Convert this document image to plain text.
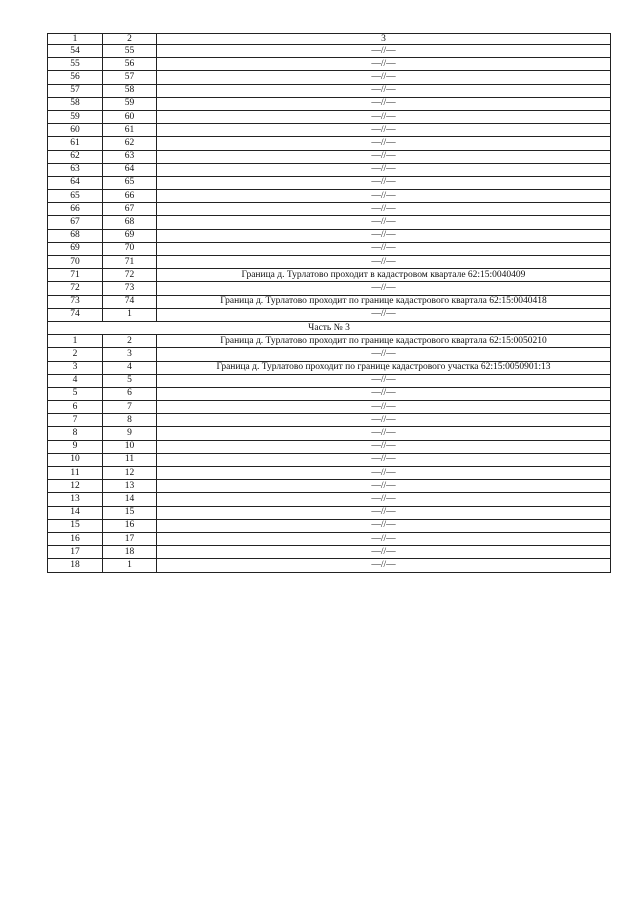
1	2	3
54	55	—//—
55	56	—//—
56	57	—//—
57	58	—//—
58	59	—//—
59	60	—//—
60	61	—//—
61	62	—//—
62	63	—//—
63	64	—//—
64	65	—//—
65	66	—//—
66	67	—//—
67	68	—//—
68	69	—//—
69	70	—//—
70	71	—//—
71	72	Граница д. Турлатово проходит в кадастровом квартале 62:15:0040409
72	73	—//—
73	74	Граница д. Турлатово проходит по границе кадастрового квартала 62:15:0040418
74	1	—//—
Часть № 3		
1	2	Граница д. Турлатово проходит по границе кадастрового квартала 62:15:0050210
2	3	—//—
3	4	Граница д. Турлатово проходит по границе кадастрового участка 62:15:0050901:13
4	5	—//—
5	6	—//—
6	7	—//—
7	8	—//—
8	9	—//—
9	10	—//—
10	11	—//—
11	12	—//—
12	13	—//—
13	14	—//—
14	15	—//—
15	16	—//—
16	17	—//—
17	18	—//—
18	1	—//—
